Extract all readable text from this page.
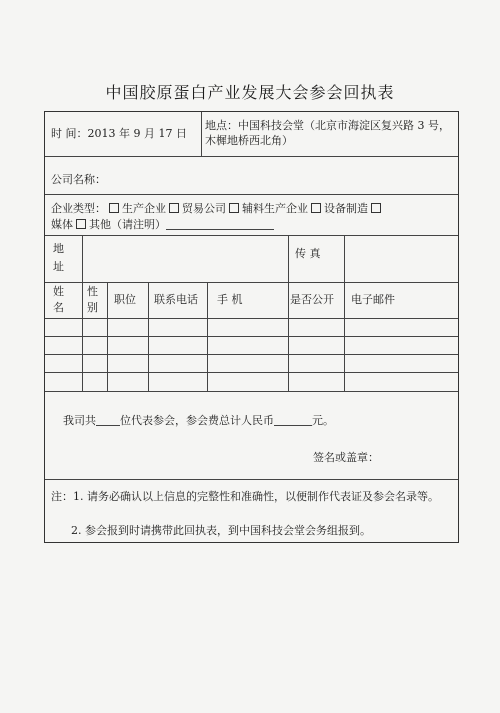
中国胶原蛋白产业发展大会参会回执表
时 间：2013 年 9 月 17 日
地点：中国科技会堂（北京市海淀区复兴路 3 号，木樨地桥西北角）
公司名称：
企业类型： 生产企业 贸易公司 辅料生产企业 设备制造
媒体 其他（请注明）
地址
传 真
姓名
性别
职位 联系电话 手 机	是否公开 电子邮件
我司共 位代表参会，参会费总计人民币	元。
签名或盖章：
注：1. 请务必确认以上信息的完整性和准确性，以便制作代表证及参会名录等。
2. 参会报到时请携带此回执表，到中国科技会堂会务组报到。
